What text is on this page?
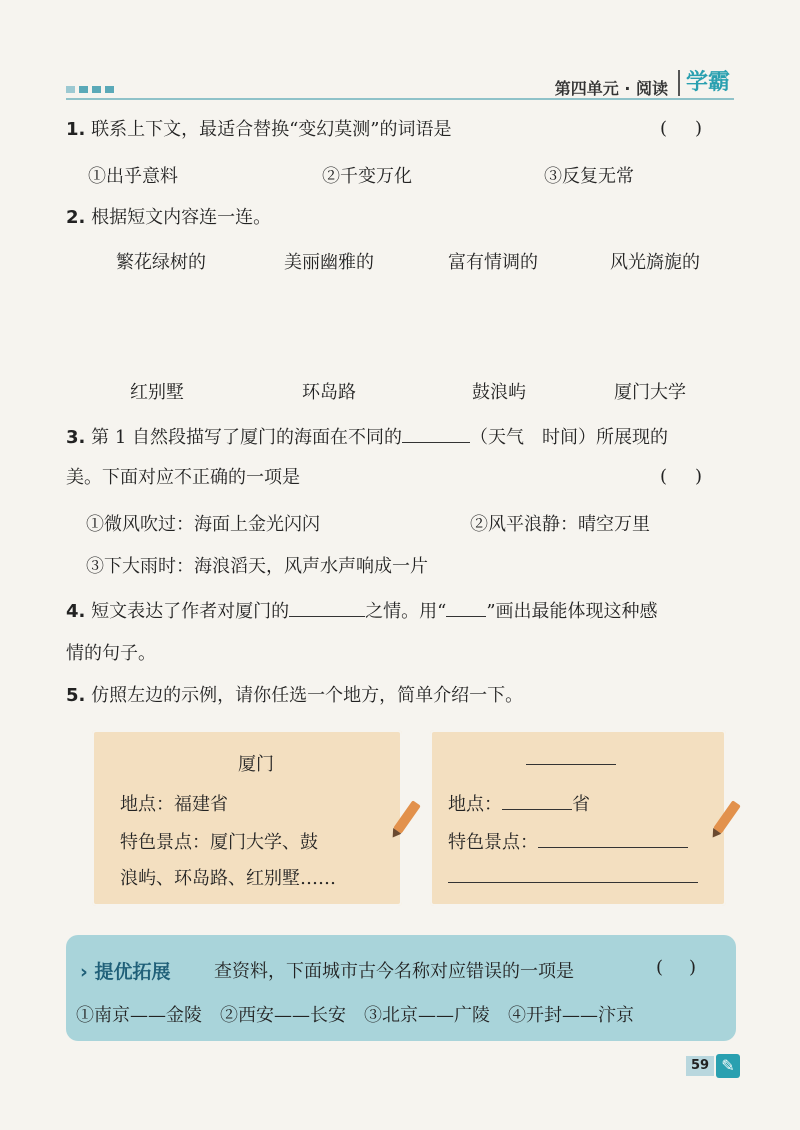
第四单元 · 阅读 学霸
1. 联系上下文，最适合替换“变幻莫测”的词语是	()
①出乎意料	②千变万化	③反复无常
2. 根据短文内容连一连。
繁花绿树的	美丽幽雅的	富有情调的	风光旖旎的
红别墅	环岛路	鼓浪屿	厦门大学
3. 第 1 自然段描写了厦门的海面在不同的	（天气　时间）所展现的
美。下面对应不正确的一项是	()
①微风吹过：海面上金光闪闪	②风平浪静：晴空万里
③下大雨时：海浪滔天，风声水声响成一片
4. 短文表达了作者对厦门的	之情。用“ ”画出最能体现这种感
情的句子。
5. 仿照左边的示例，请你任选一个地方，简单介绍一下。
厦门
地点：福建省
特色景点：厦门大学、鼓
浪屿、环岛路、红别墅……
地点：	省
特色景点：
› 提优拓展 查资料，下面城市古今名称对应错误的一项是	()
①南京——金陵　②西安——长安　③北京——广陵　④开封——汴京
59 ✎
